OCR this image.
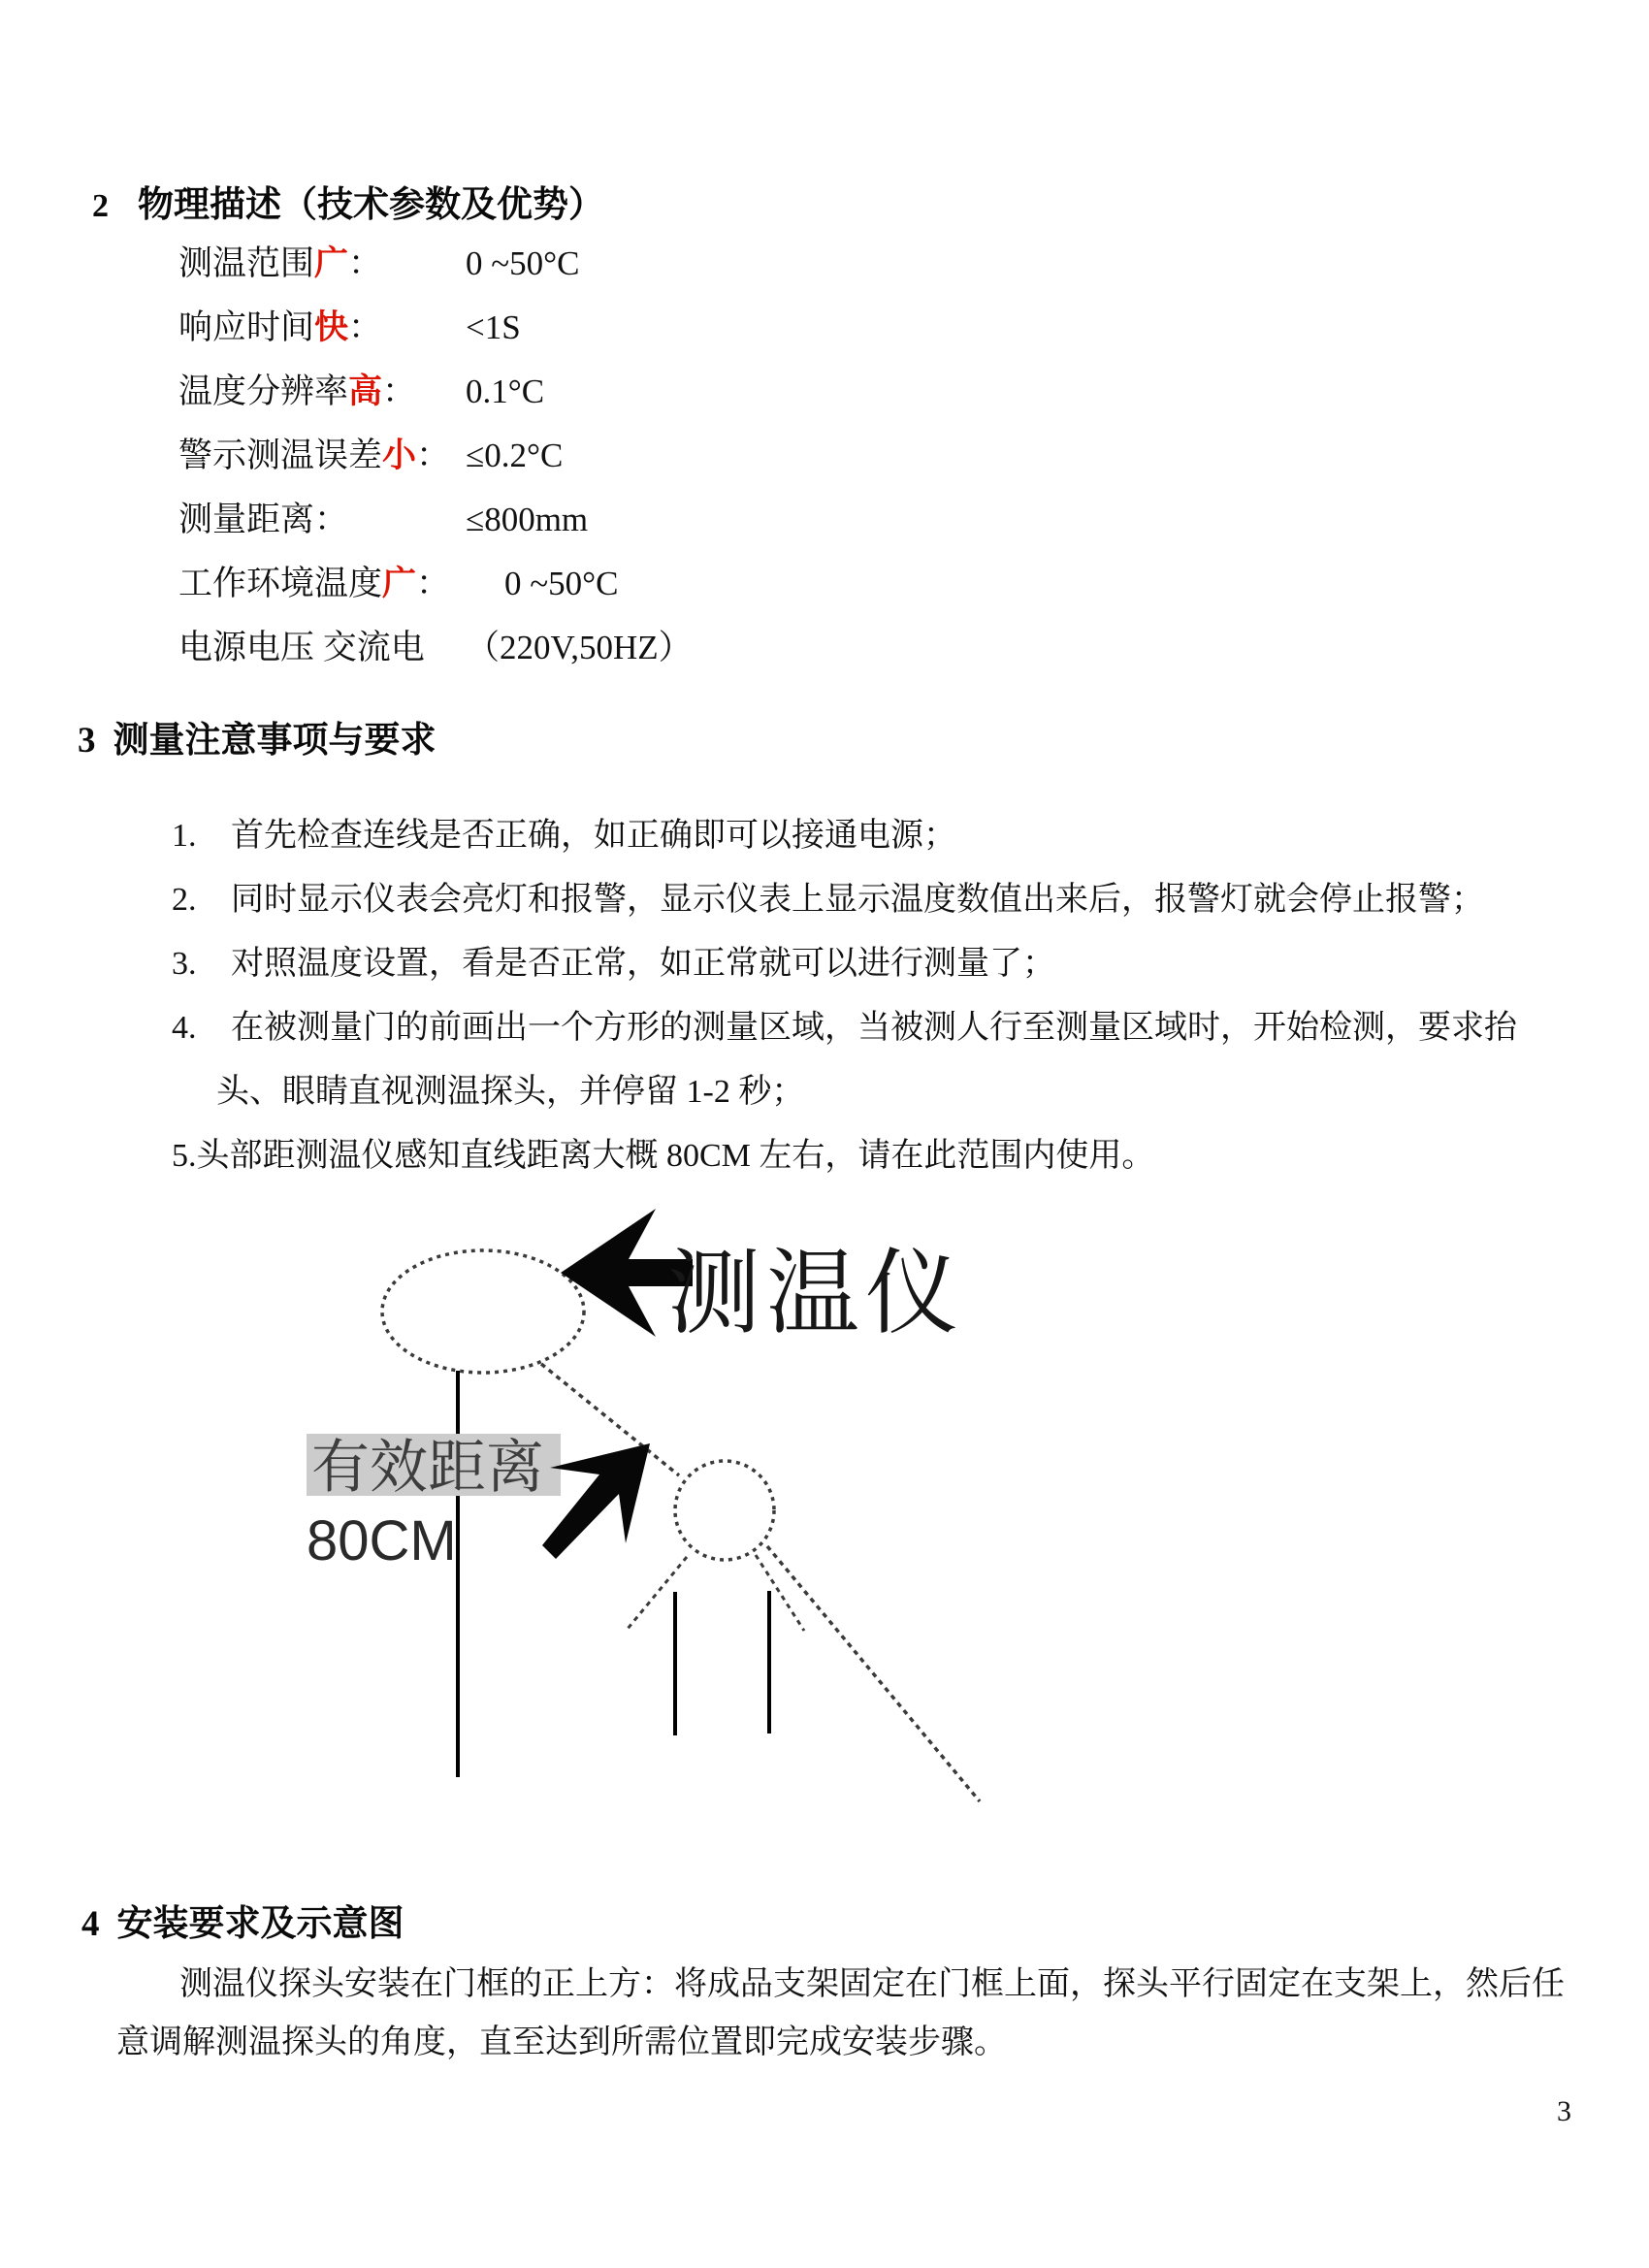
2 物理描述（技术参数及优势）
测温范围广：	0 ~50°C
响应时间快：	<1S
温度分辨率高：	0.1°C
警示测温误差小： ≤0.2°C
测量距离：	≤800mm
工作环境温度广：	0 ~50°C
电源电压 交流电	（220V,50HZ）
3 测量注意事项与要求
1.	首先检查连线是否正确，如正确即可以接通电源；
2.	同时显示仪表会亮灯和报警，显示仪表上显示温度数值出来后，报警灯就会停止报警；
3.	对照温度设置，看是否正常，如正常就可以进行测量了；
4.	在被测量门的前画出一个方形的测量区域，当被测人行至测量区域时，开始检测，要求抬
头、眼睛直视测温探头，并停留 1-2 秒；
5.头部距测温仪感知直线距离大概 80CM 左右，请在此范围内使用。
测温仪
有效距离
80CM
4 安装要求及示意图
测温仪探头安装在门框的正上方：将成品支架固定在门框上面，探头平行固定在支架上，然后任
意调解测温探头的角度，直至达到所需位置即完成安装步骤。
3
